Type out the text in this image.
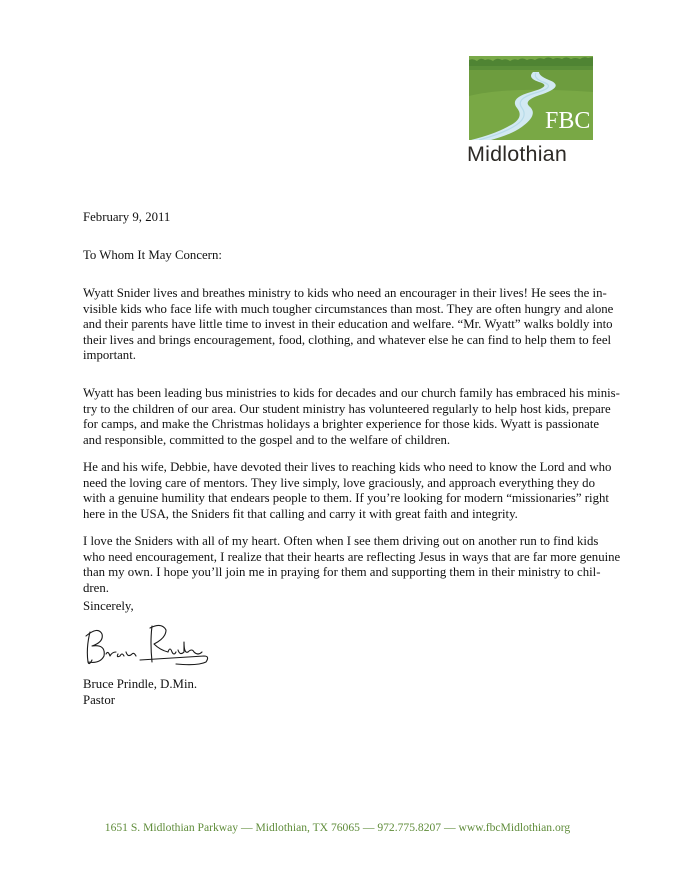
FBC
Midlothian
February 9, 2011
To Whom It May Concern:
Wyatt Snider lives and breathes ministry to kids who need an encourager in their lives! He sees the in-
visible kids who face life with much tougher circumstances than most. They are often hungry and alone
and their parents have little time to invest in their education and welfare. “Mr. Wyatt” walks boldly into
their lives and brings encouragement, food, clothing, and whatever else he can find to help them to feel
important.
Wyatt has been leading bus ministries to kids for decades and our church family has embraced his minis-
try to the children of our area. Our student ministry has volunteered regularly to help host kids, prepare
for camps, and make the Christmas holidays a brighter experience for those kids. Wyatt is passionate
and responsible, committed to the gospel and to the welfare of children.
He and his wife, Debbie, have devoted their lives to reaching kids who need to know the Lord and who
need the loving care of mentors. They live simply, love graciously, and approach everything they do
with a genuine humility that endears people to them. If you’re looking for modern “missionaries” right
here in the USA, the Sniders fit that calling and carry it with great faith and integrity.
I love the Sniders with all of my heart. Often when I see them driving out on another run to find kids
who need encouragement, I realize that their hearts are reflecting Jesus in ways that are far more genuine
than my own. I hope you’ll join me in praying for them and supporting them in their ministry to chil-
dren.
Sincerely,
Bruce Prindle, D.Min.
Pastor
1651 S. Midlothian Parkway — Midlothian, TX 76065 — 972.775.8207 — www.fbcMidlothian.org
